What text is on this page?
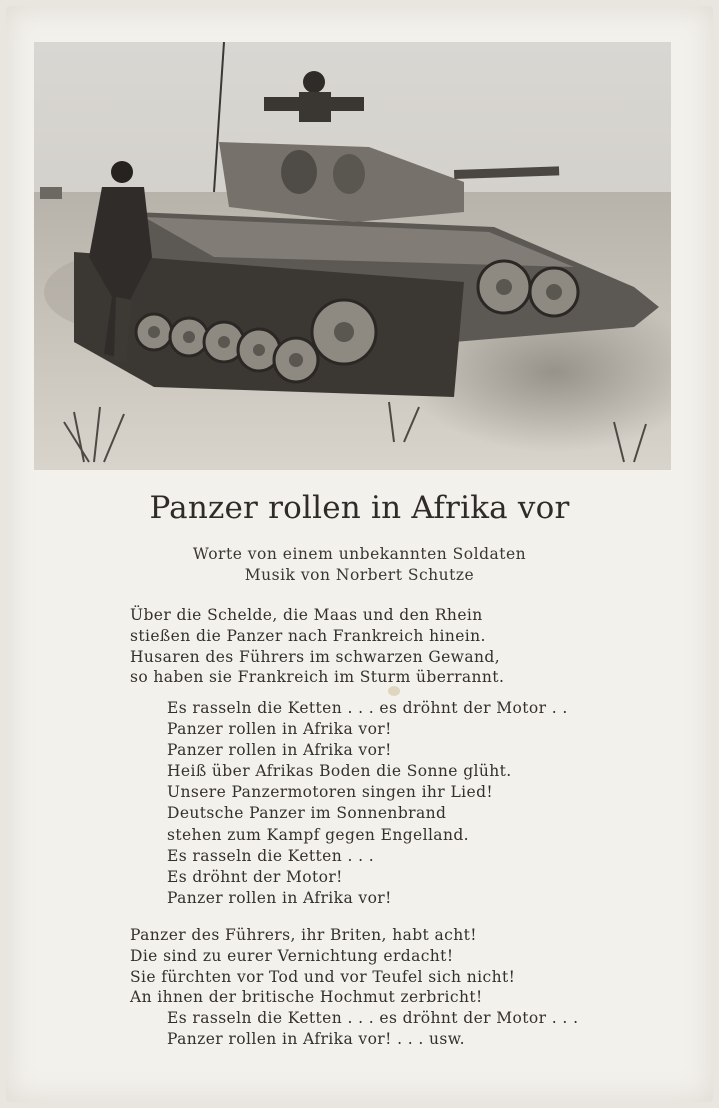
Panzer rollen in Afrika vor
Worte von einem unbekannten Soldaten
Musik von Norbert Schutze
Über die Schelde, die Maas und den Rhein
stießen die Panzer nach Frankreich hinein.
Husaren des Führers im schwarzen Gewand,
so haben sie Frankreich im Sturm überrannt.
Es rasseln die Ketten . . . es dröhnt der Motor . .
Panzer rollen in Afrika vor!
Panzer rollen in Afrika vor!
Heiß über Afrikas Boden die Sonne glüht.
Unsere Panzermotoren singen ihr Lied!
Deutsche Panzer im Sonnenbrand
stehen zum Kampf gegen Engelland.
Es rasseln die Ketten . . .
Es dröhnt der Motor!
Panzer rollen in Afrika vor!
Panzer des Führers, ihr Briten, habt acht!
Die sind zu eurer Vernichtung erdacht!
Sie fürchten vor Tod und vor Teufel sich nicht!
An ihnen der britische Hochmut zerbricht!
Es rasseln die Ketten . . . es dröhnt der Motor . . .
Panzer rollen in Afrika vor! . . . usw.
